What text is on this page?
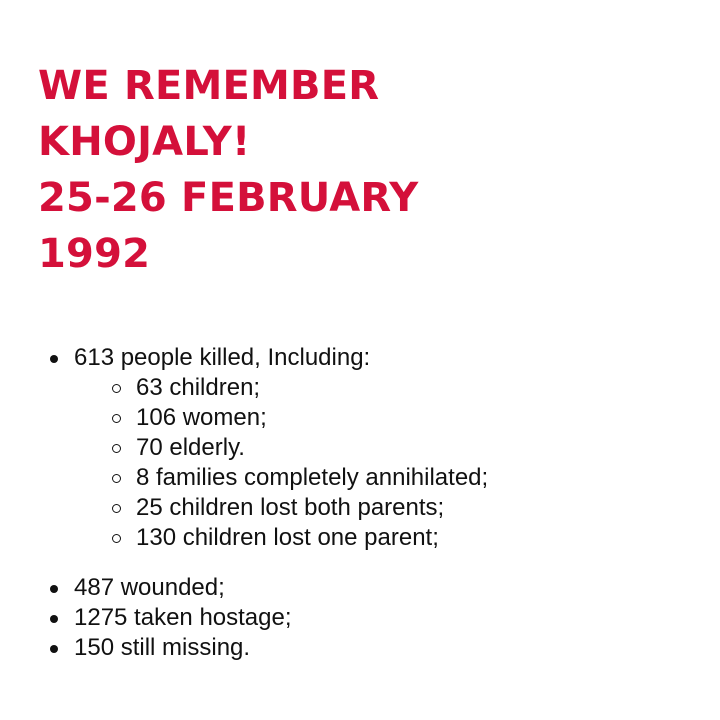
WE REMEMBER
KHOJALY!
25-26 FEBRUARY
1992
613 people killed, Including:
63 children;
106 women;
70 elderly.
8 families completely annihilated;
25 children lost both parents;
130 children lost one parent;
487 wounded;
1275 taken hostage;
150 still missing.
